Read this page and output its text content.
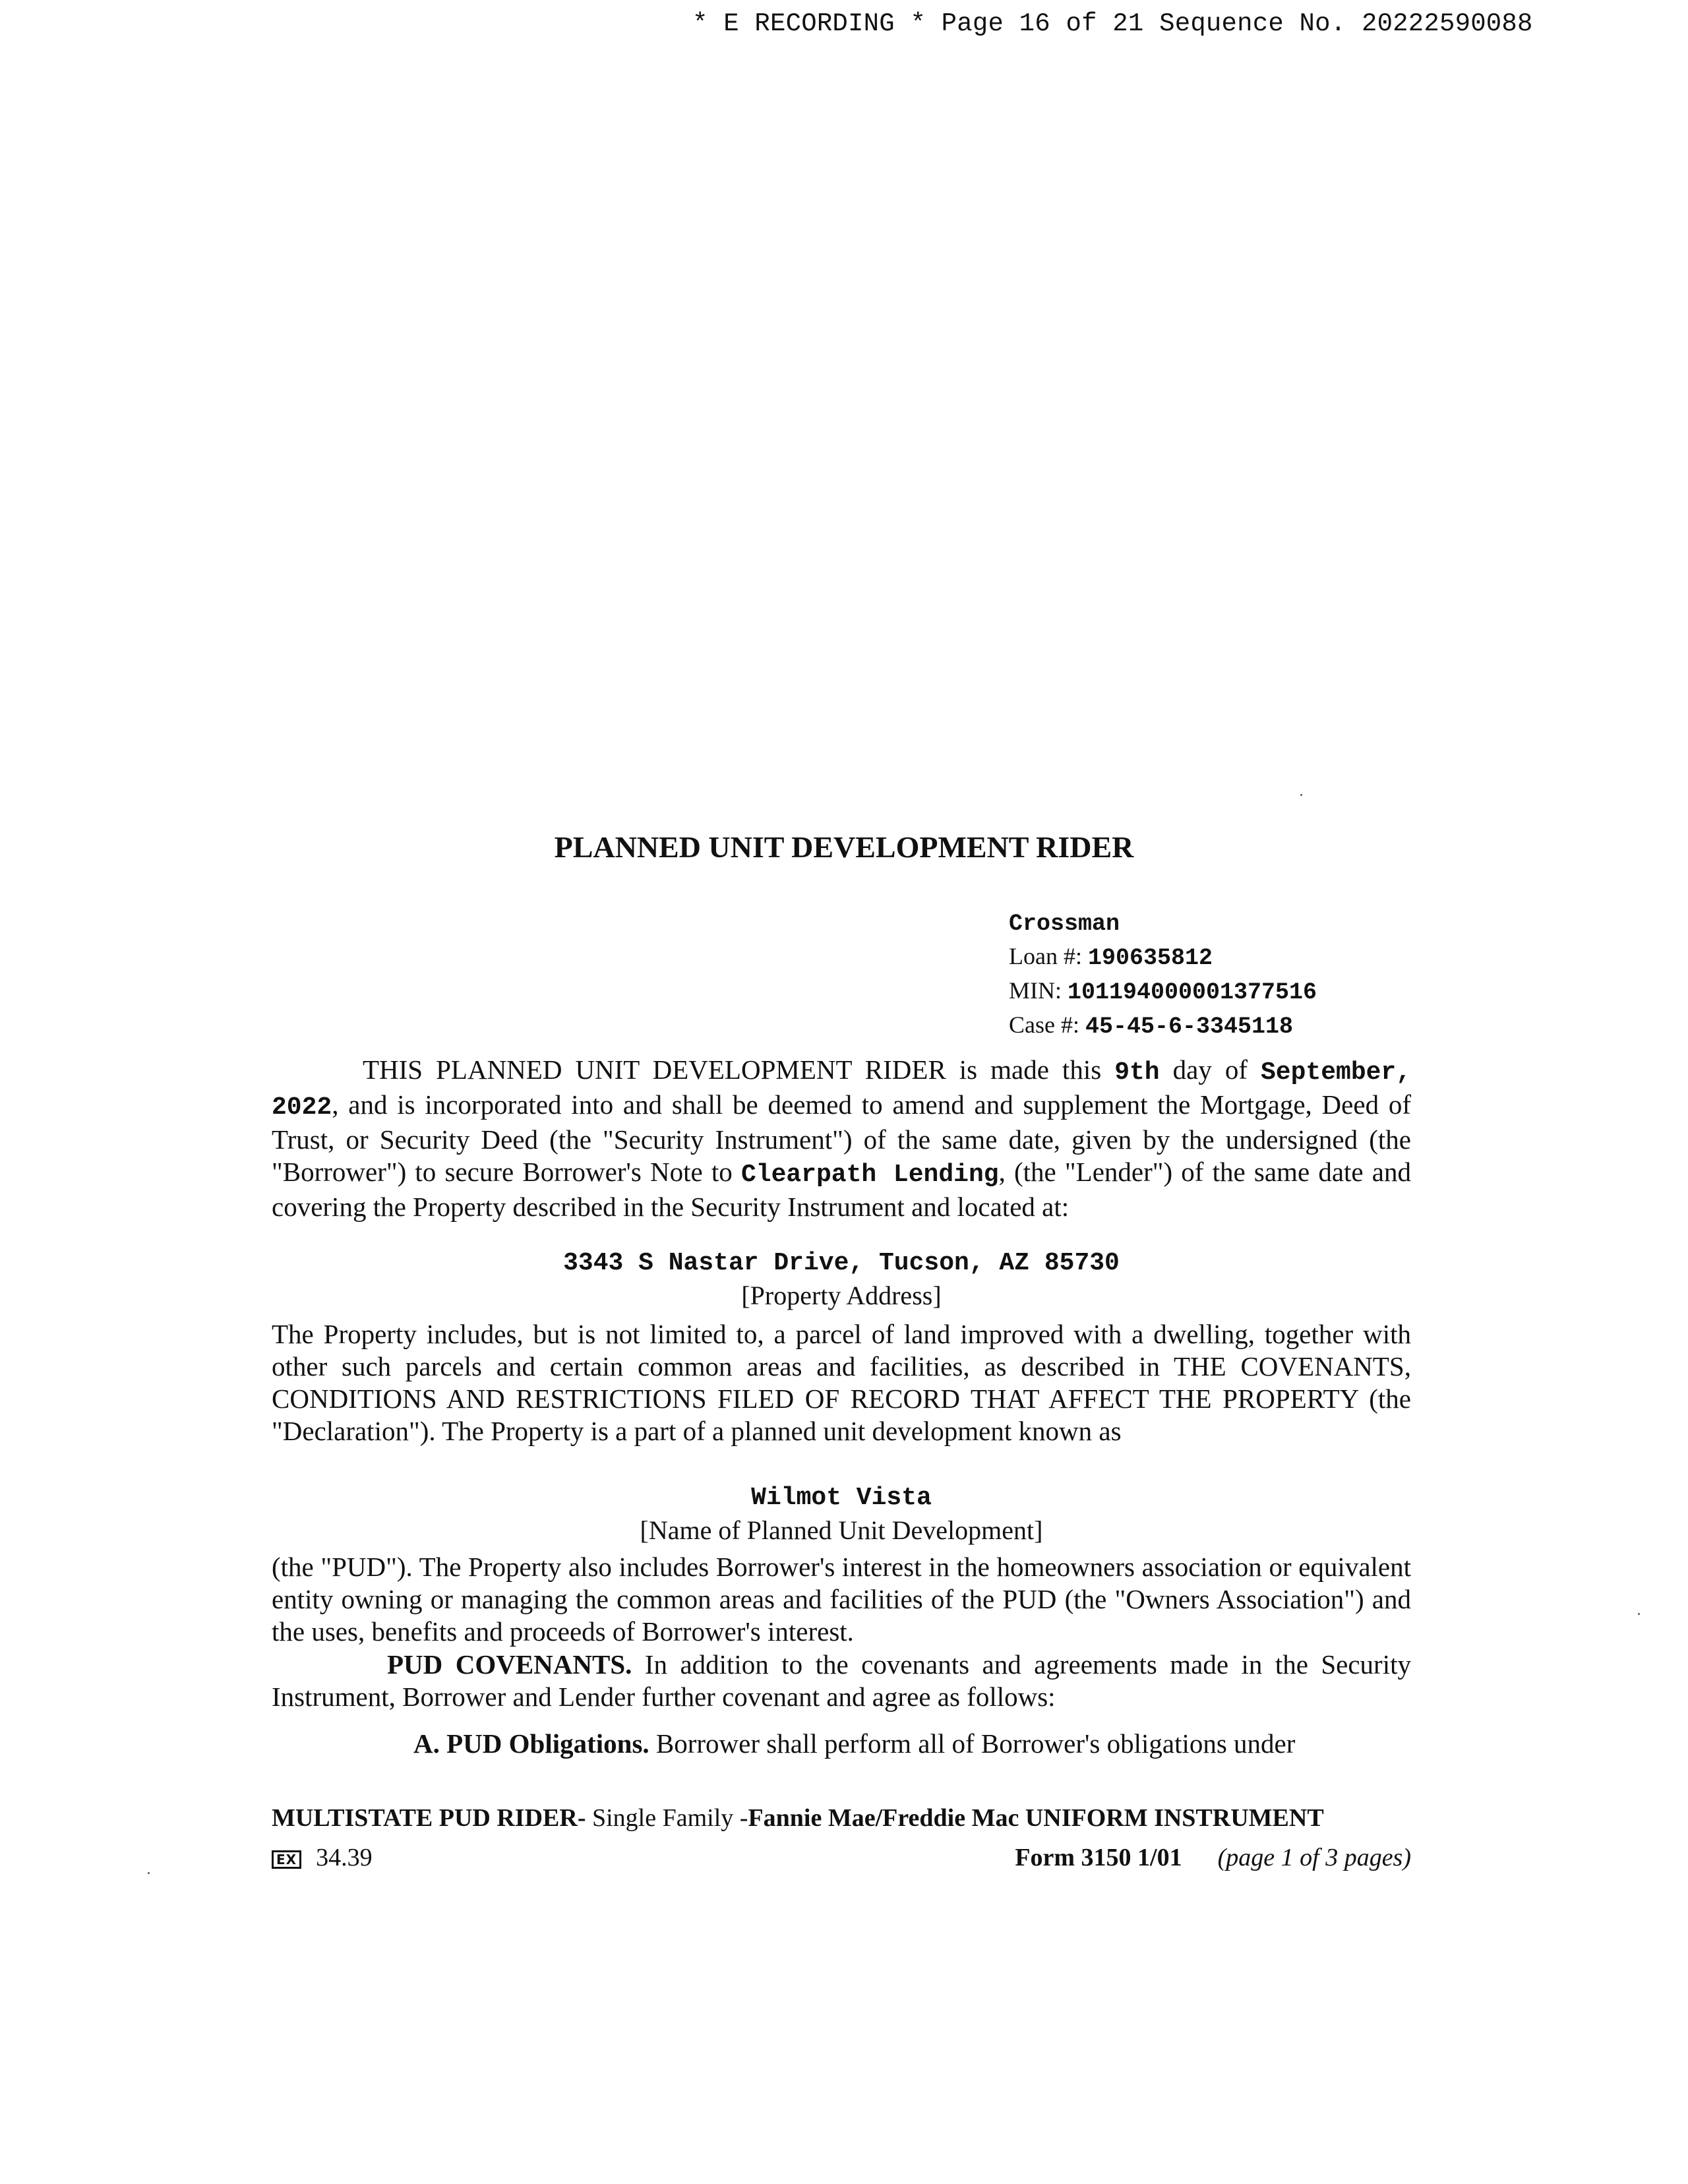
* E RECORDING * Page 16 of 21 Sequence No. 20222590088
PLANNED UNIT DEVELOPMENT RIDER
Crossman
Loan #: 190635812
MIN: 101194000001377516
Case #: 45-45-6-3345118
THIS PLANNED UNIT DEVELOPMENT RIDER is made this 9th day of September, 2022, and is incorporated into and shall be deemed to amend and supplement the Mortgage, Deed of Trust, or Security Deed (the "Security Instrument") of the same date, given by the undersigned (the "Borrower") to secure Borrower's Note to Clearpath Lending, (the "Lender") of the same date and covering the Property described in the Security Instrument and located at:
3343 S Nastar Drive, Tucson, AZ 85730
[Property Address]
The Property includes, but is not limited to, a parcel of land improved with a dwelling, together with other such parcels and certain common areas and facilities, as described in THE COVENANTS, CONDITIONS AND RESTRICTIONS FILED OF RECORD THAT AFFECT THE PROPERTY (the "Declaration"). The Property is a part of a planned unit development known as
Wilmot Vista
[Name of Planned Unit Development]
(the "PUD"). The Property also includes Borrower's interest in the homeowners association or equivalent entity owning or managing the common areas and facilities of the PUD (the "Owners Association") and the uses, benefits and proceeds of Borrower's interest.
PUD COVENANTS. In addition to the covenants and agreements made in the Security Instrument, Borrower and Lender further covenant and agree as follows:
A. PUD Obligations. Borrower shall perform all of Borrower's obligations under
MULTISTATE PUD RIDER- Single Family -Fannie Mae/Freddie Mac UNIFORM INSTRUMENT
EX 34.39	Form 3150 1/01 (page 1 of 3 pages)
